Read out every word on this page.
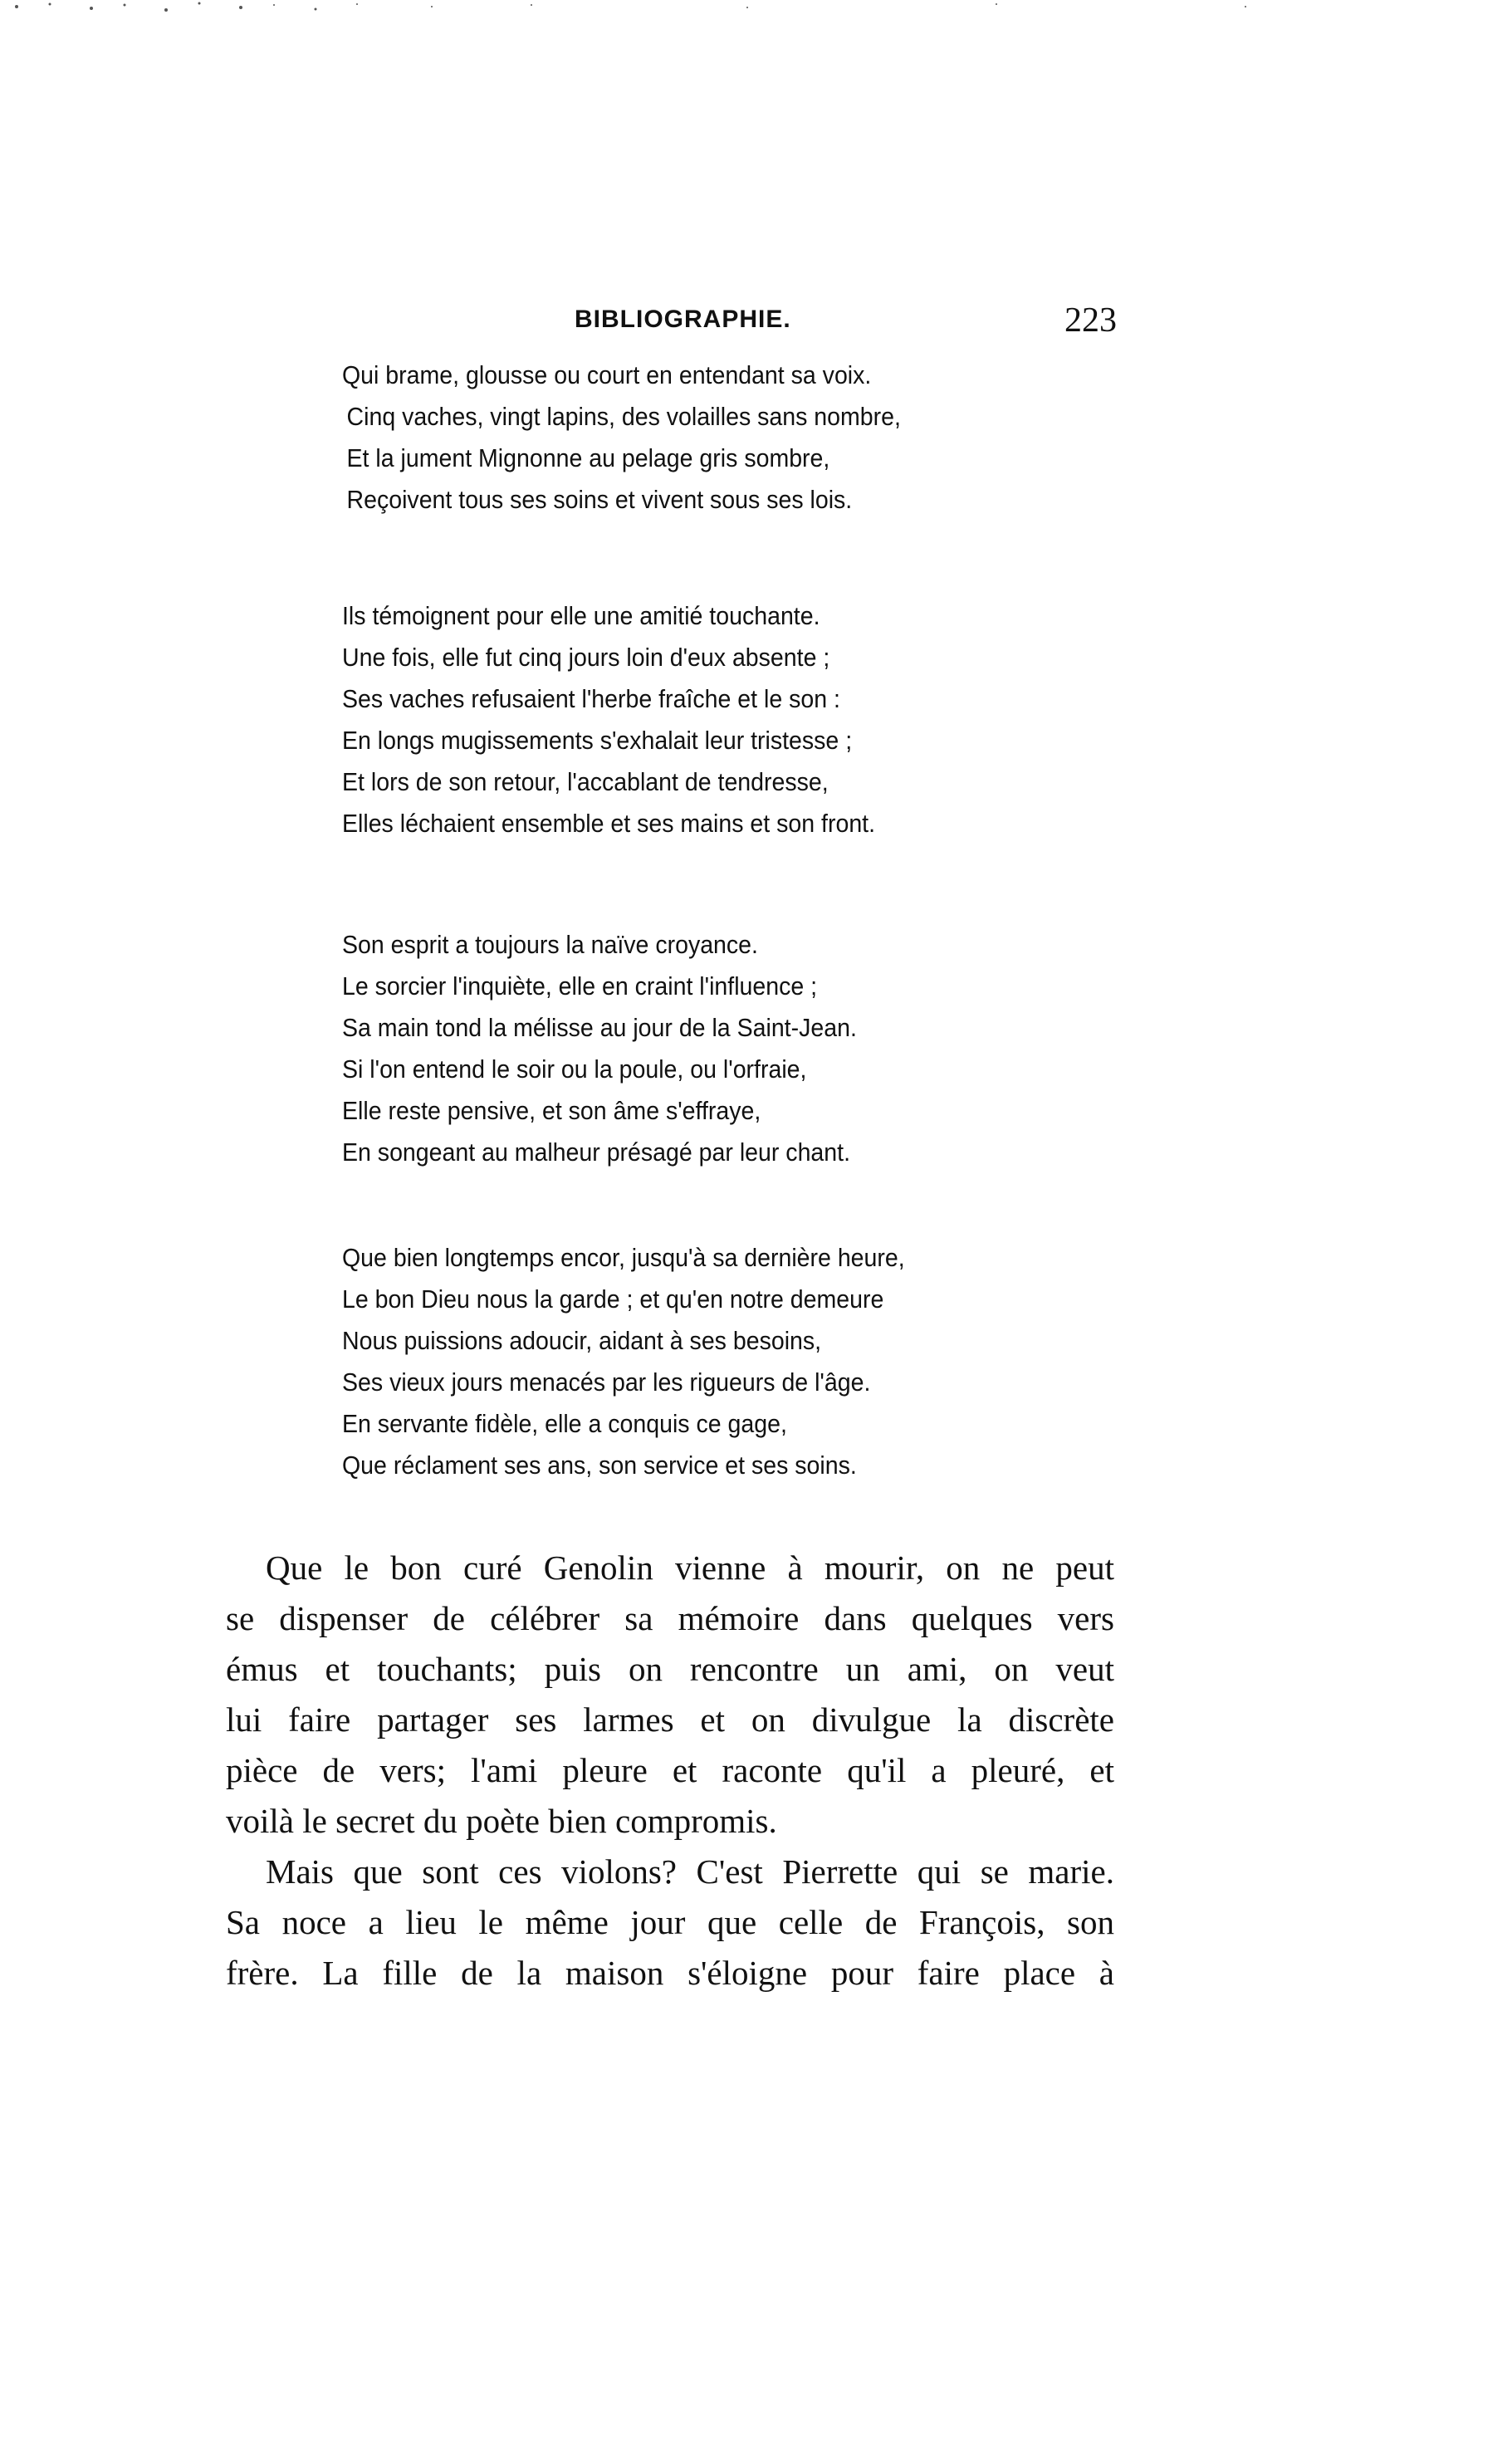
BIBLIOGRAPHIE.	223
Qui brame, glousse ou court en entendant sa voix.
Cinq vaches, vingt lapins, des volailles sans nombre,
Et la jument Mignonne au pelage gris sombre,
Reçoivent tous ses soins et vivent sous ses lois.
Ils témoignent pour elle une amitié touchante.
Une fois, elle fut cinq jours loin d'eux absente ;
Ses vaches refusaient l'herbe fraîche et le son :
En longs mugissements s'exhalait leur tristesse ;
Et lors de son retour, l'accablant de tendresse,
Elles léchaient ensemble et ses mains et son front.
Son esprit a toujours la naïve croyance.
Le sorcier l'inquiète, elle en craint l'influence ;
Sa main tond la mélisse au jour de la Saint-Jean.
Si l'on entend le soir ou la poule, ou l'orfraie,
Elle reste pensive, et son âme s'effraye,
En songeant au malheur présagé par leur chant.
Que bien longtemps encor, jusqu'à sa dernière heure,
Le bon Dieu nous la garde ; et qu'en notre demeure
Nous puissions adoucir, aidant à ses besoins,
Ses vieux jours menacés par les rigueurs de l'âge.
En servante fidèle, elle a conquis ce gage,
Que réclament ses ans, son service et ses soins.
Que le bon curé Genolin vienne à mourir, on ne peut
se dispenser de célébrer sa mémoire dans quelques vers
émus et touchants; puis on rencontre un ami, on veut
lui faire partager ses larmes et on divulgue la discrète
pièce de vers; l'ami pleure et raconte qu'il a pleuré, et
voilà le secret du poète bien compromis.
Mais que sont ces violons? C'est Pierrette qui se marie.
Sa noce a lieu le même jour que celle de François, son
frère. La fille de la maison s'éloigne pour faire place à
